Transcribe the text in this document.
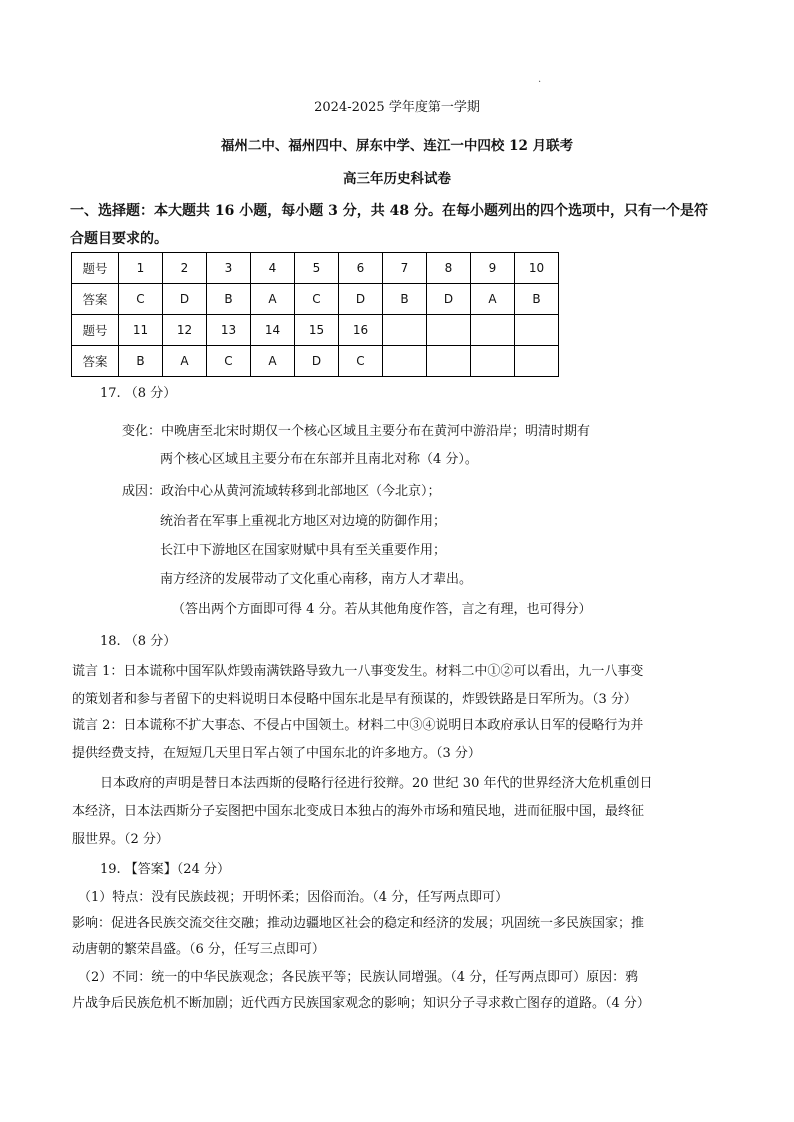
.
2024-2025 学年度第一学期
福州二中、福州四中、屏东中学、连江一中四校 12 月联考
高三年历史科试卷
一、选择题：本大题共 16 小题，每小题 3 分，共 48 分。在每小题列出的四个选项中，只有一个是符合题目要求的。
题号	1	2	3	4	5	6	7	8	9	10
答案	C	D	B	A	C	D	B	D	A	B
题号	11	12	13	14	15	16				
答案	B	A	C	A	D	C				
17. （8 分）
变化：中晚唐至北宋时期仅一个核心区域且主要分布在黄河中游沿岸；明清时期有
两个核心区域且主要分布在东部并且南北对称（4 分）。
成因：政治中心从黄河流域转移到北部地区（今北京）；
统治者在军事上重视北方地区对边境的防御作用；
长江中下游地区在国家财赋中具有至关重要作用；
南方经济的发展带动了文化重心南移，南方人才辈出。
（答出两个方面即可得 4 分。若从其他角度作答，言之有理，也可得分）
18. （8 分）
谎言 1：日本谎称中国军队炸毁南满铁路导致九一八事变发生。材料二中①②可以看出，九一八事变
的策划者和参与者留下的史料说明日本侵略中国东北是早有预谋的，炸毁铁路是日军所为。（3 分）
谎言 2：日本谎称不扩大事态、不侵占中国领土。材料二中③④说明日本政府承认日军的侵略行为并
提供经费支持，在短短几天里日军占领了中国东北的许多地方。（3 分）
日本政府的声明是替日本法西斯的侵略行径进行狡辩。20 世纪 30 年代的世界经济大危机重创日
本经济，日本法西斯分子妄图把中国东北变成日本独占的海外市场和殖民地，进而征服中国，最终征
服世界。（2 分）
19. 【答案】（24 分）
（1）特点：没有民族歧视；开明怀柔；因俗而治。（4 分，任写两点即可）
影响：促进各民族交流交往交融；推动边疆地区社会的稳定和经济的发展；巩固统一多民族国家；推
动唐朝的繁荣昌盛。（6 分，任写三点即可）
（2）不同：统一的中华民族观念；各民族平等；民族认同增强。（4 分，任写两点即可）原因：鸦
片战争后民族危机不断加剧；近代西方民族国家观念的影响；知识分子寻求救亡图存的道路。（4 分）
